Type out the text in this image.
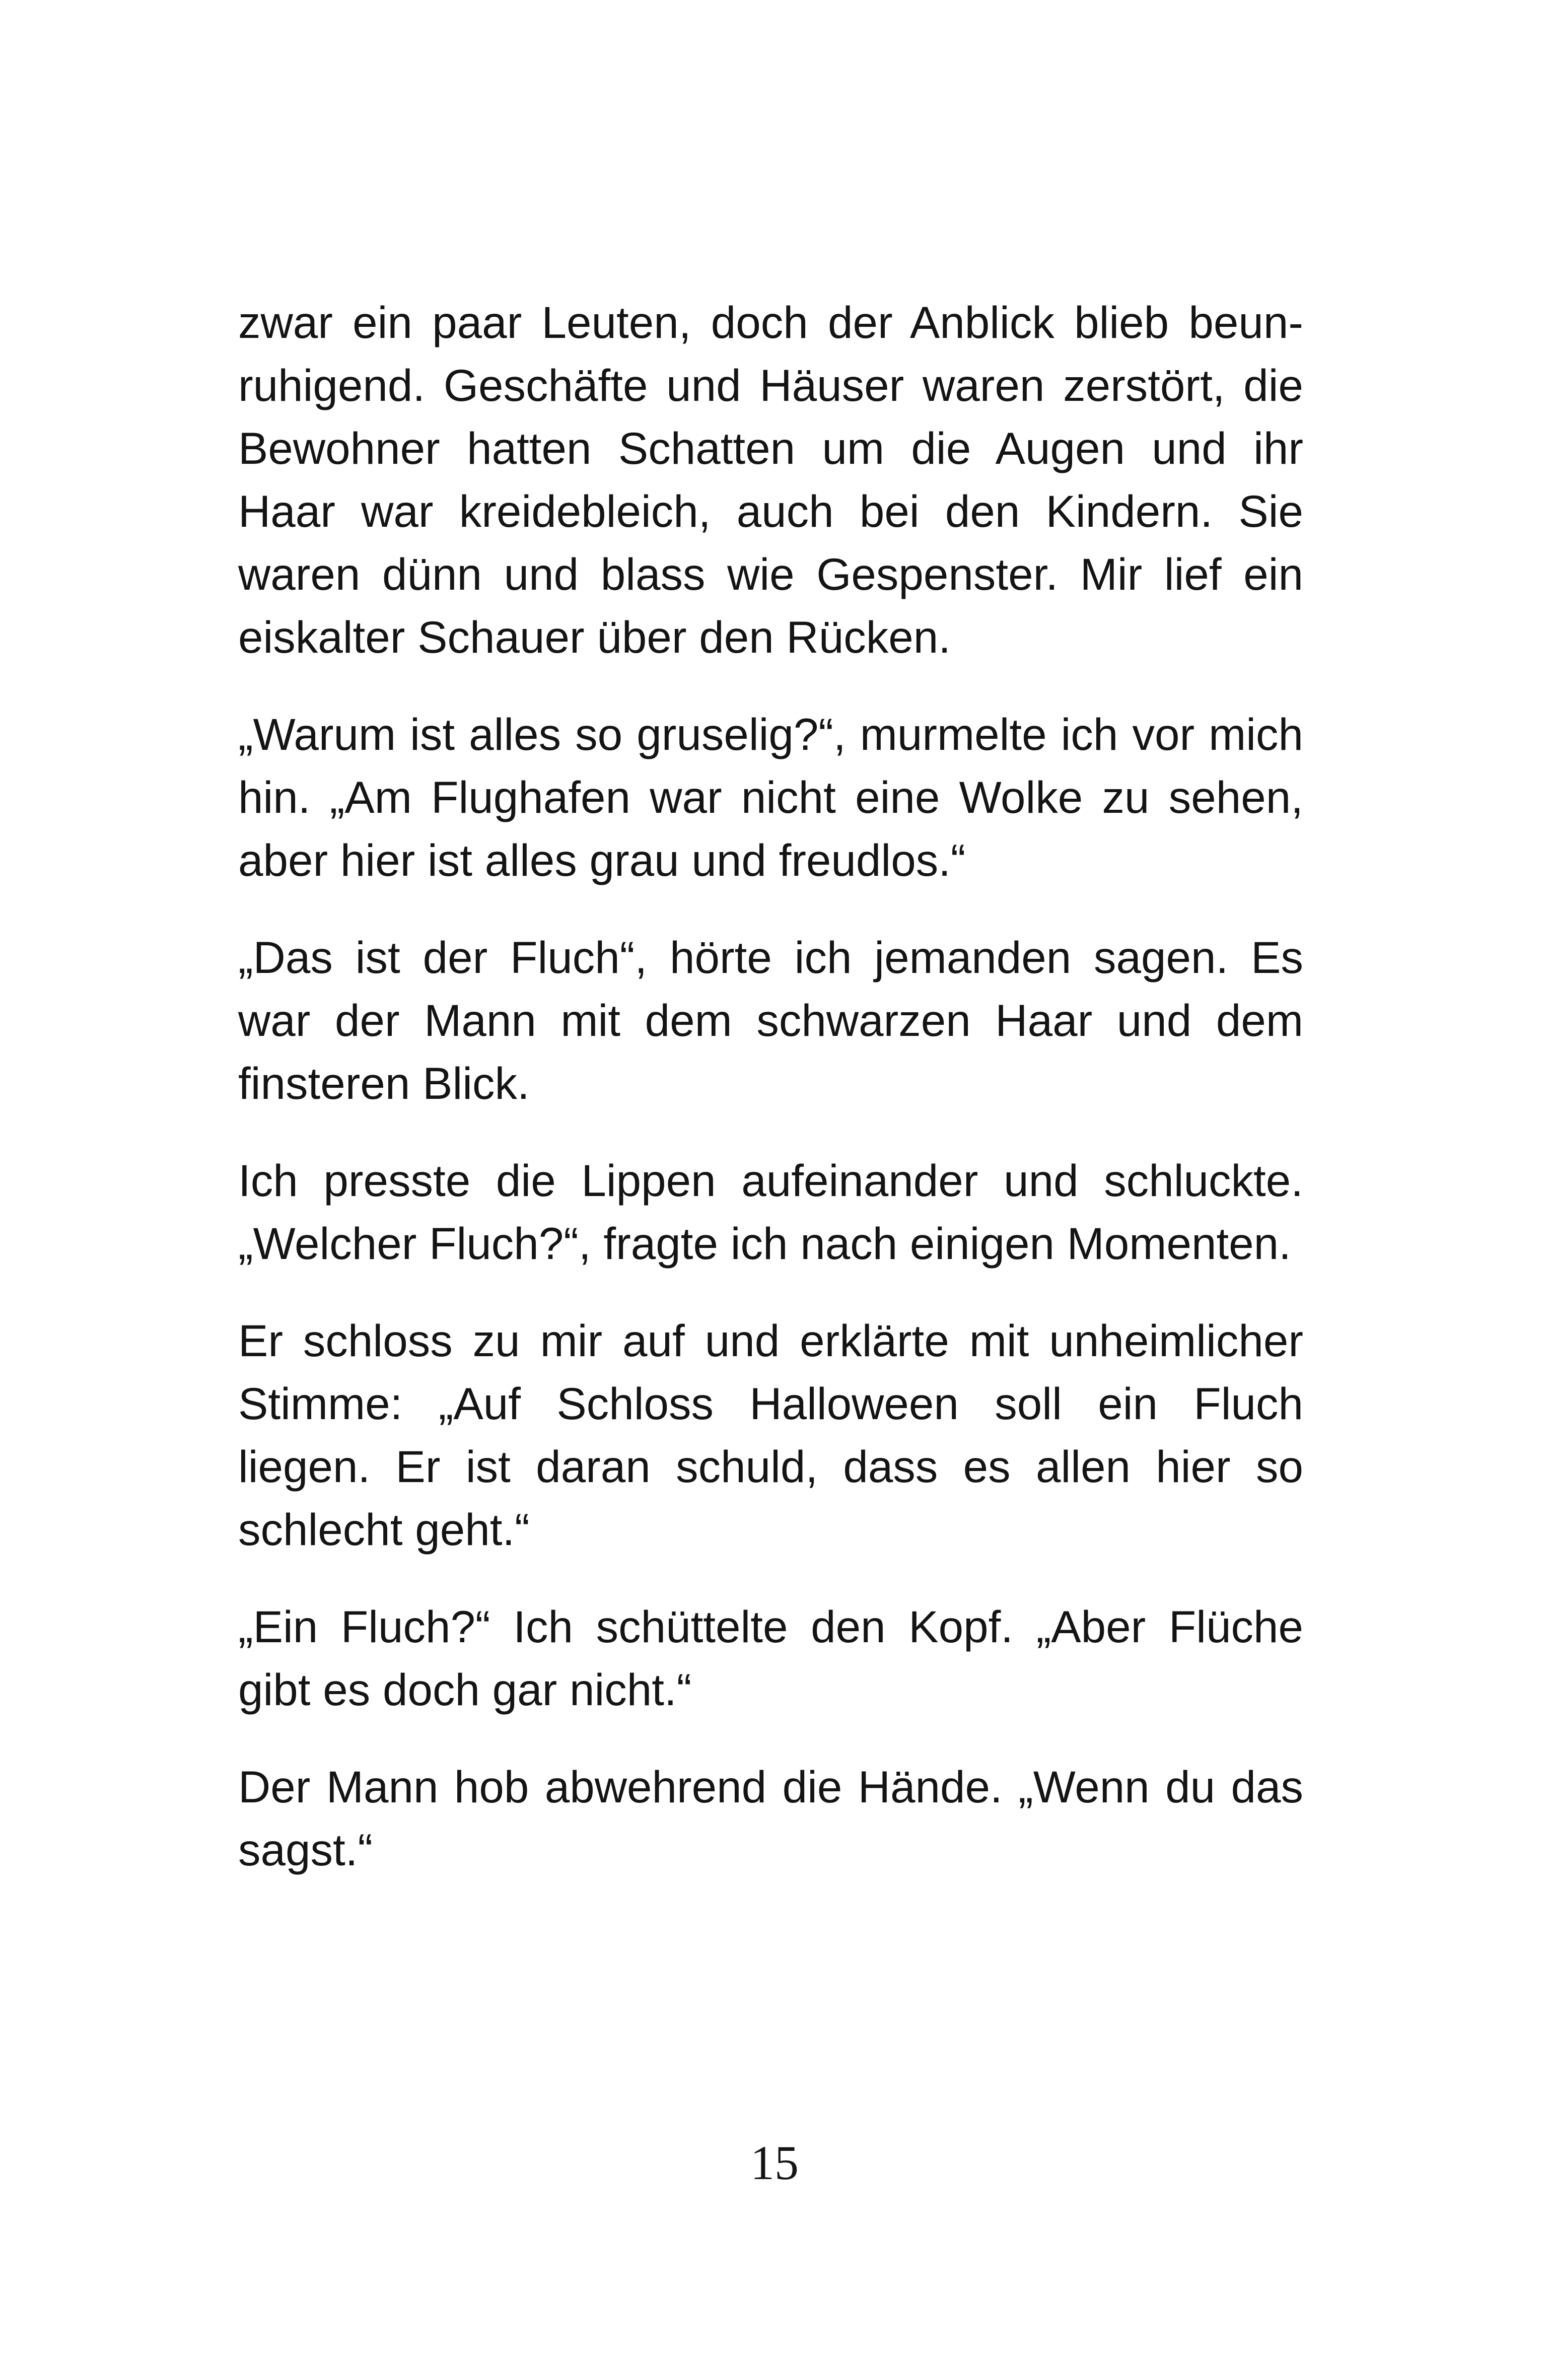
zwar ein paar Leuten, doch der Anblick blieb beun-ruhigend. Geschäfte und Häuser waren zerstört, die Bewohner hatten Schatten um die Augen und ihr Haar war kreidebleich, auch bei den Kindern. Sie waren dünn und blass wie Gespenster. Mir lief ein eiskalter Schauer über den Rücken.

„Warum ist alles so gruselig?“, murmelte ich vor mich hin. „Am Flughafen war nicht eine Wolke zu sehen, aber hier ist alles grau und freudlos.“

„Das ist der Fluch“, hörte ich jemanden sagen. Es war der Mann mit dem schwarzen Haar und dem finsteren Blick.

Ich presste die Lippen aufeinander und schluckte. „Welcher Fluch?“, fragte ich nach einigen Momenten.

Er schloss zu mir auf und erklärte mit unheimlicher Stimme: „Auf Schloss Halloween soll ein Fluch liegen. Er ist daran schuld, dass es allen hier so schlecht geht.“

„Ein Fluch?“ Ich schüttelte den Kopf. „Aber Flüche gibt es doch gar nicht.“

Der Mann hob abwehrend die Hände. „Wenn du das sagst.“

15
